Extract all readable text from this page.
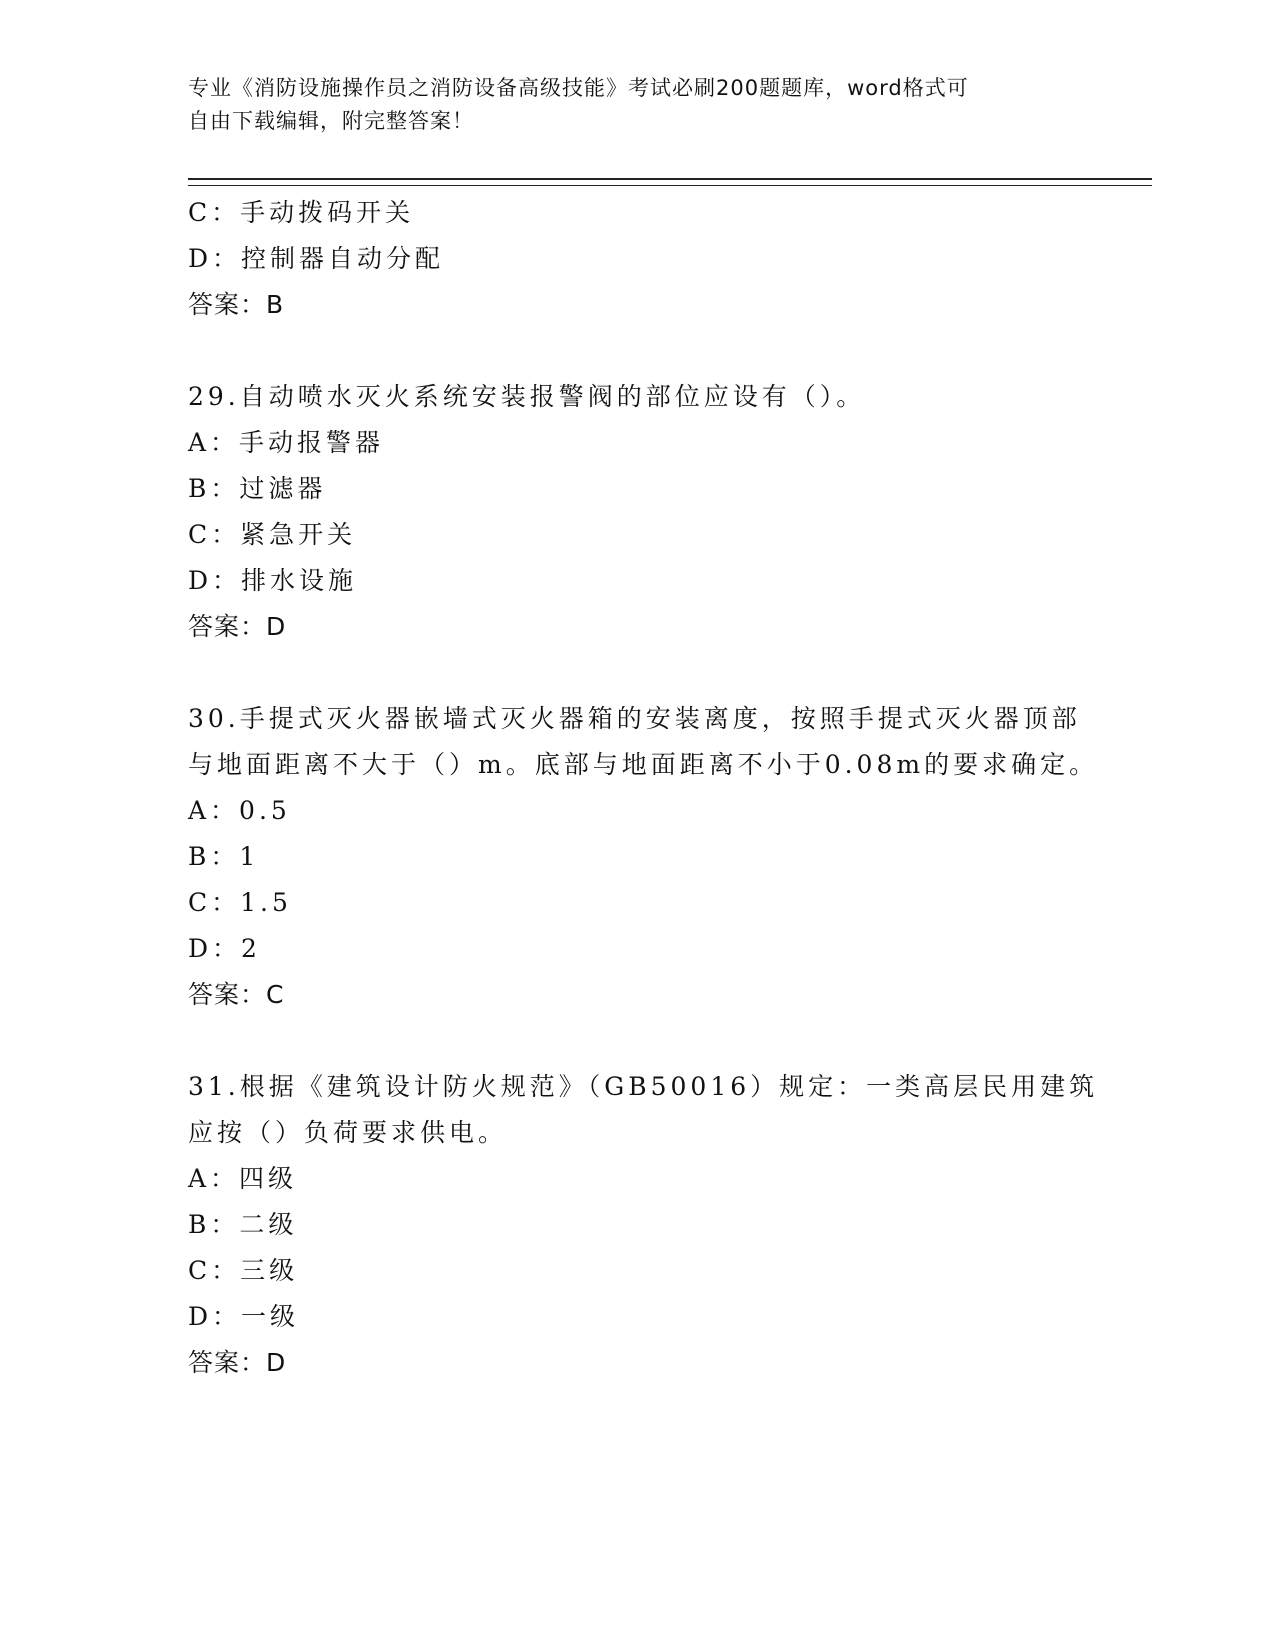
专业《消防设施操作员之消防设备高级技能》考试必刷200题题库，word格式可
自由下载编辑，附完整答案！
C：手动拨码开关
D：控制器自动分配
答案：B
29.自动喷水灭火系统安装报警阀的部位应设有（）。
A：手动报警器
B：过滤器
C：紧急开关
D：排水设施
答案：D
30.手提式灭火器嵌墙式灭火器箱的安装离度，按照手提式灭火器顶部
与地面距离不大于（）m。底部与地面距离不小于0.08m的要求确定。
A：0.5
B：1
C：1.5
D：2
答案：C
31.根据《建筑设计防火规范》（GB50016）规定：一类高层民用建筑
应按（）负荷要求供电。
A：四级
B：二级
C：三级
D：一级
答案：D
